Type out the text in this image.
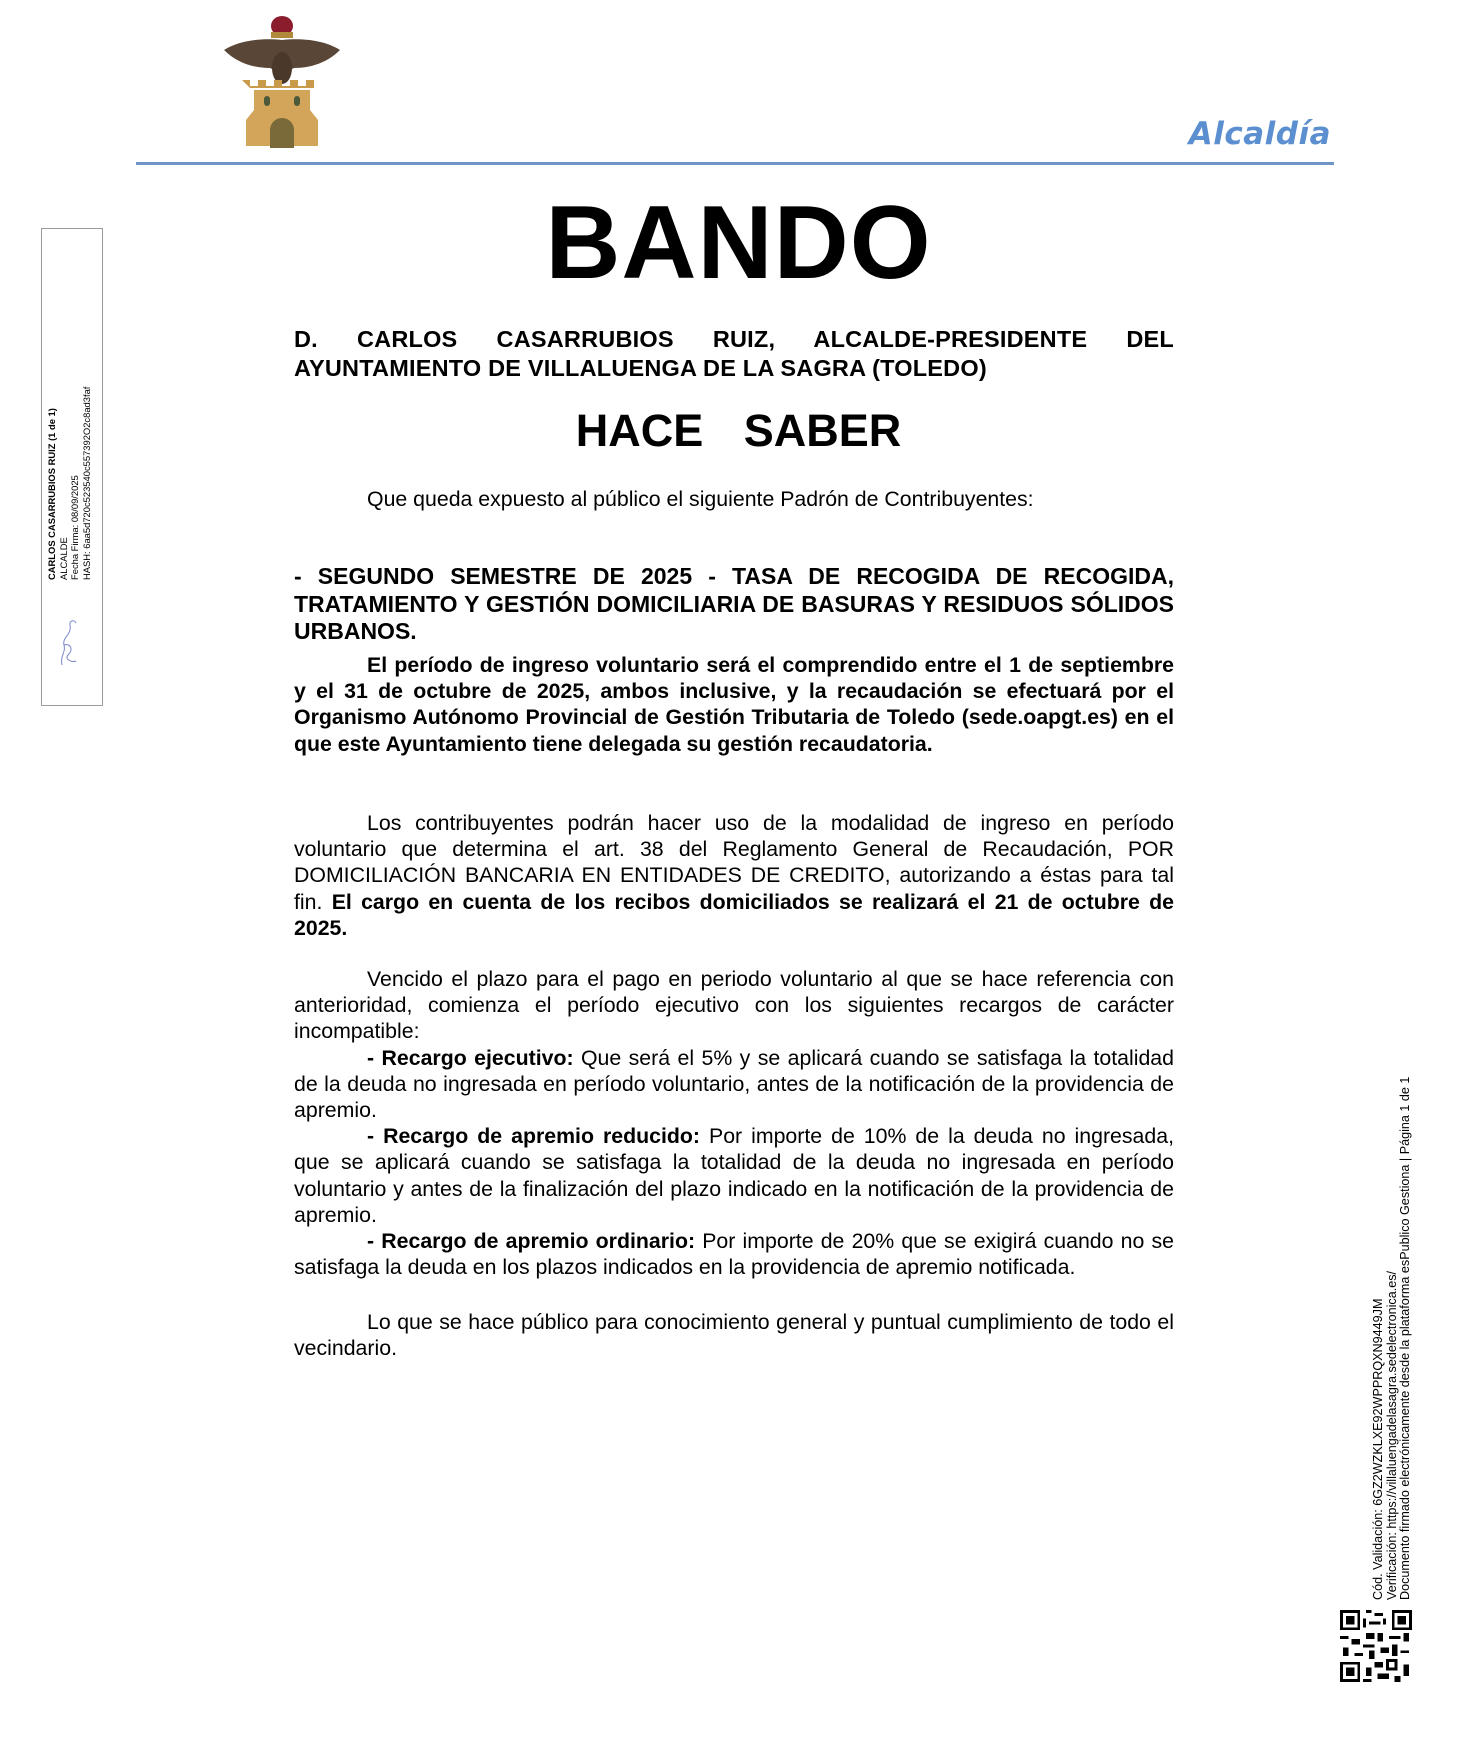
Alcaldía
BANDO
D. CARLOS CASARRUBIOS RUIZ, ALCALDE-PRESIDENTE DEL AYUNTAMIENTO DE VILLALUENGA DE LA SAGRA (TOLEDO)
HACE SABER

Que queda expuesto al público el siguiente Padrón de Contribuyentes:

- SEGUNDO SEMESTRE DE 2025 - TASA DE RECOGIDA DE RECOGIDA, TRATAMIENTO Y GESTIÓN DOMICILIARIA DE BASURAS Y RESIDUOS SÓLIDOS URBANOS.

El período de ingreso voluntario será el comprendido entre el 1 de septiembre y el 31 de octubre de 2025, ambos inclusive, y la recaudación se efectuará por el Organismo Autónomo Provincial de Gestión Tributaria de Toledo (sede.oapgt.es) en el que este Ayuntamiento tiene delegada su gestión recaudatoria.

Los contribuyentes podrán hacer uso de la modalidad de ingreso en período voluntario que determina el art. 38 del Reglamento General de Recaudación, POR DOMICILIACIÓN BANCARIA EN ENTIDADES DE CREDITO, autorizando a éstas para tal fin. El cargo en cuenta de los recibos domiciliados se realizará el 21 de octubre de 2025.

Vencido el plazo para el pago en periodo voluntario al que se hace referencia con anterioridad, comienza el período ejecutivo con los siguientes recargos de carácter incompatible:

- Recargo ejecutivo: Que será el 5% y se aplicará cuando se satisfaga la totalidad de la deuda no ingresada en período voluntario, antes de la notificación de la providencia de apremio.

- Recargo de apremio reducido: Por importe de 10% de la deuda no ingresada, que se aplicará cuando se satisfaga la totalidad de la deuda no ingresada en período voluntario y antes de la finalización del plazo indicado en la notificación de la providencia de apremio.

- Recargo de apremio ordinario: Por importe de 20% que se exigirá cuando no se satisfaga la deuda en los plazos indicados en la providencia de apremio notificada.

Lo que se hace público para conocimiento general y puntual cumplimiento de todo el vecindario.

CARLOS CASARRUBIOS RUIZ (1 de 1) ALCALDE Fecha Firma: 08/09/2025 HASH: 6aa5d720c523540c557392O2c8ad3faf
Cód. Validación: 6GZ2WZKLXE92WPPRQXN9449JM Verificación: https://villaluengadelasagra.sedelectronica.es/ Documento firmado electrónicamente desde la plataforma esPublico Gestiona | Página 1 de 1
